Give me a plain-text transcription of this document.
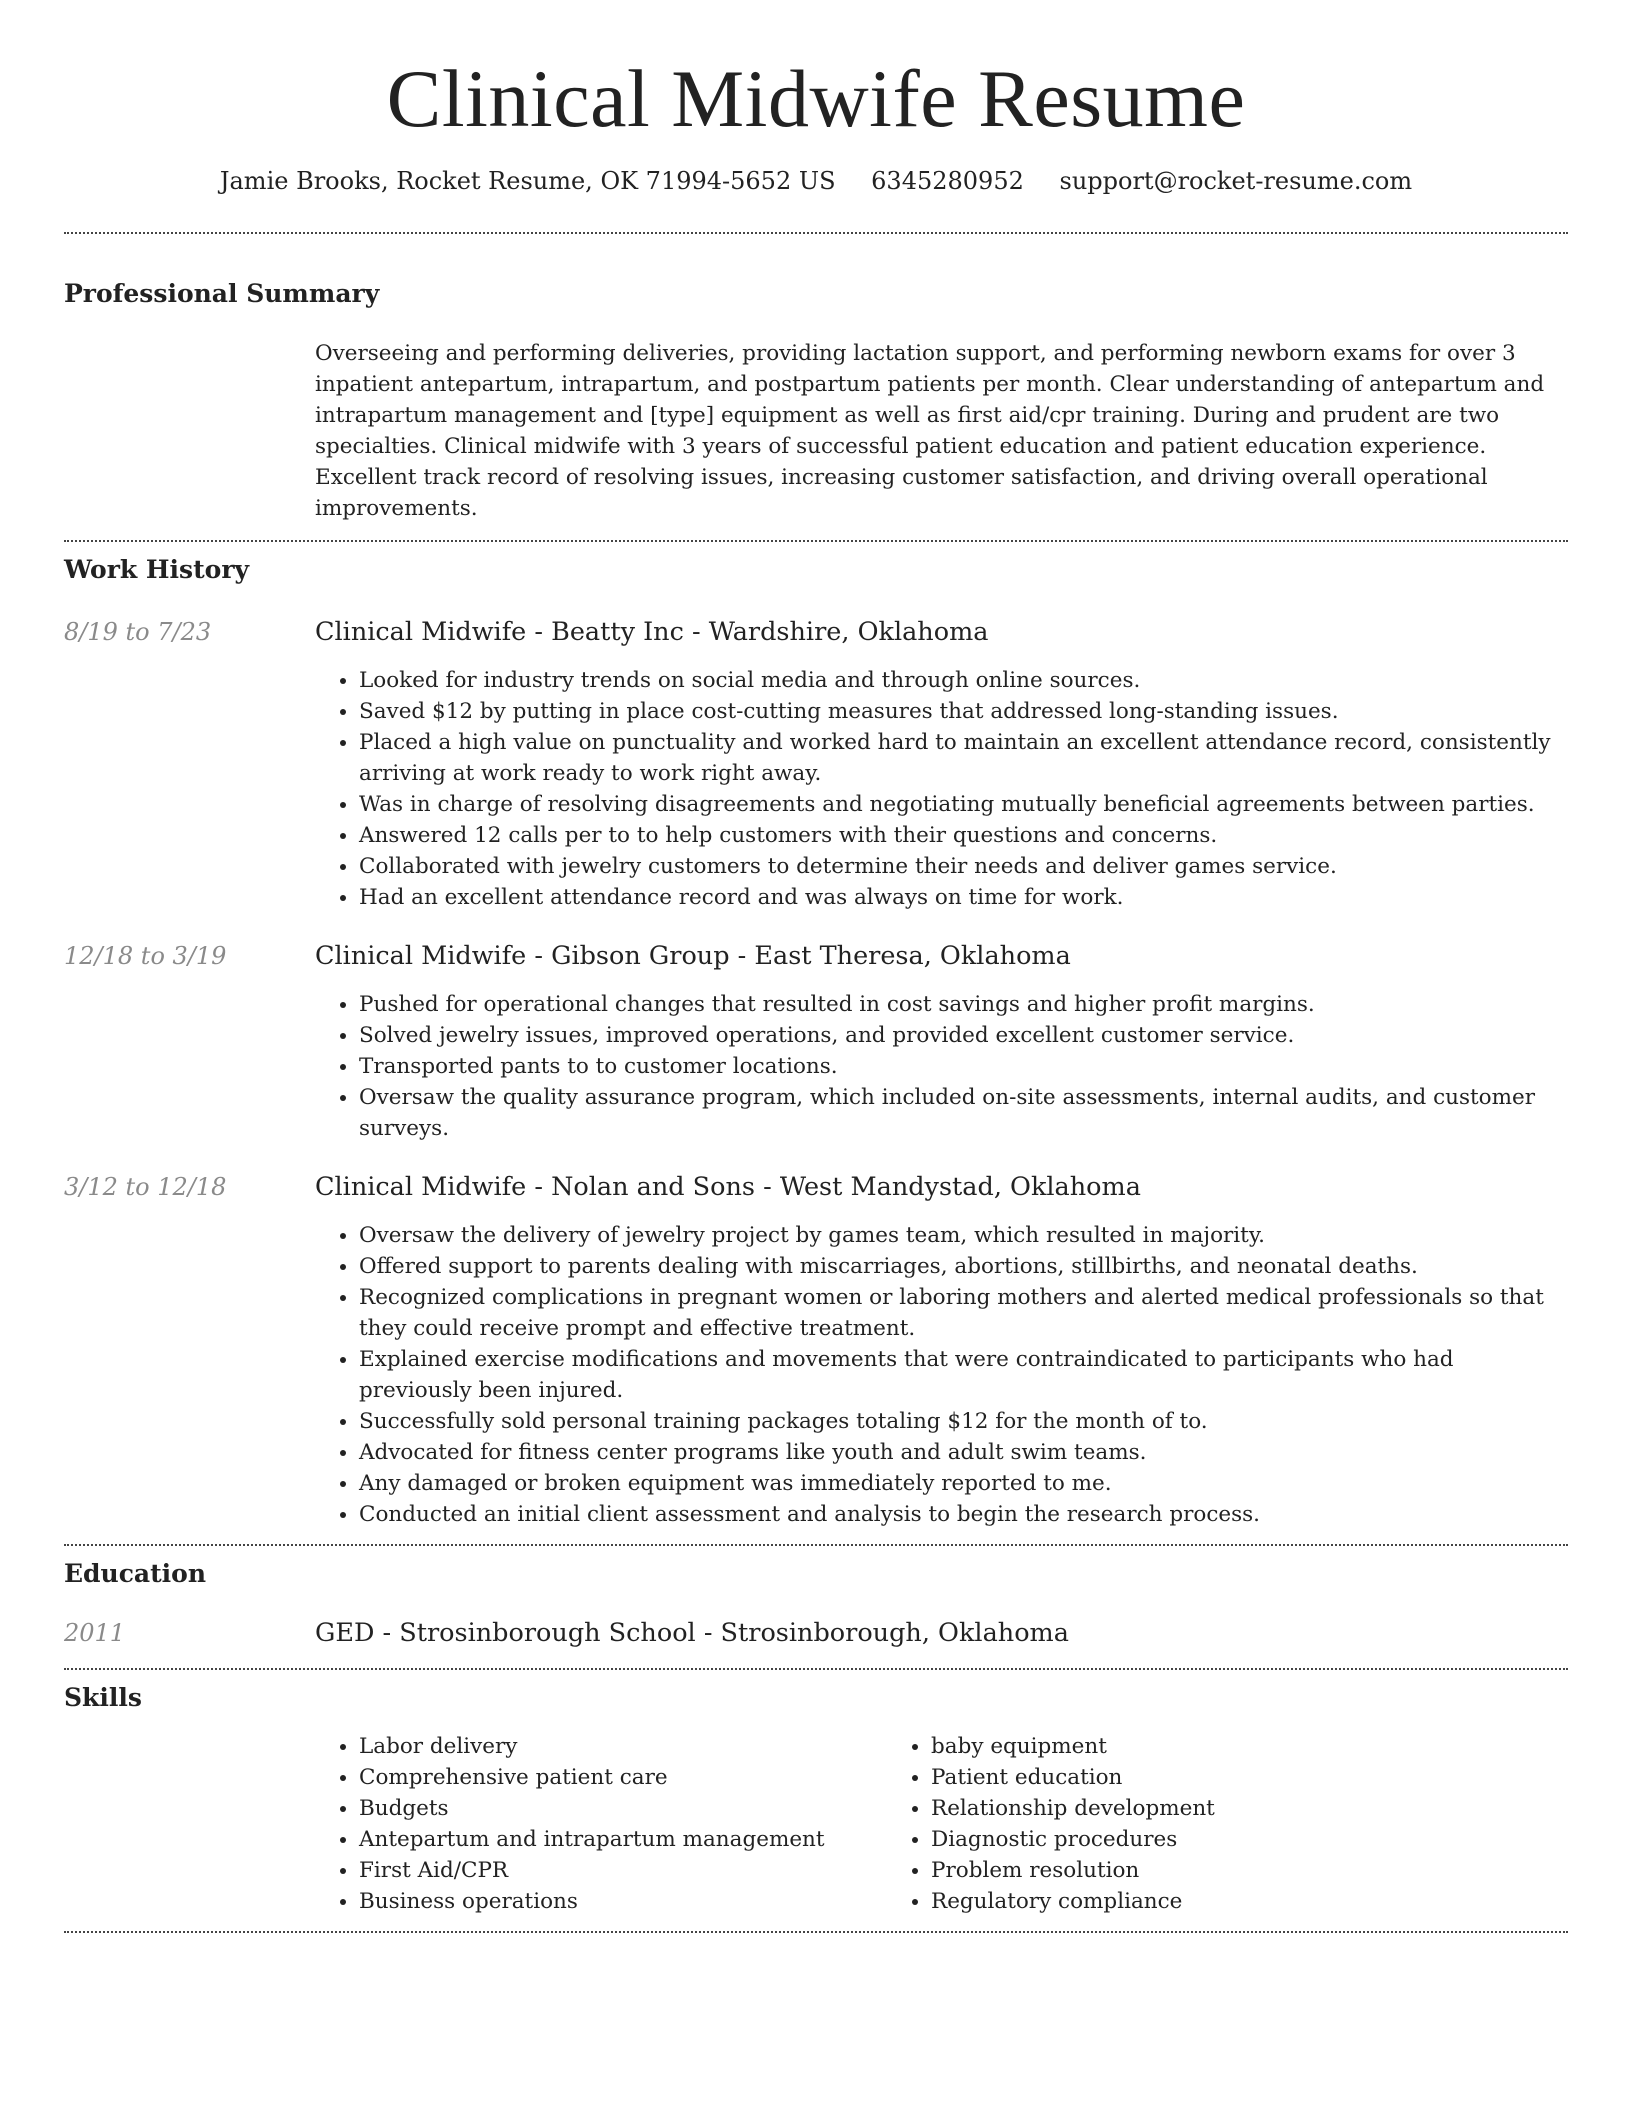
Clinical Midwife Resume
Jamie Brooks, Rocket Resume, OK 71994-5652 US 6345280952 support@rocket-resume.com
Professional Summary
Overseeing and performing deliveries, providing lactation support, and performing newborn exams for over 3 inpatient antepartum, intrapartum, and postpartum patients per month. Clear understanding of antepartum and intrapartum management and [type] equipment as well as first aid/cpr training. During and prudent are two specialties. Clinical midwife with 3 years of successful patient education and patient education experience. Excellent track record of resolving issues, increasing customer satisfaction, and driving overall operational improvements.
Work History
8/19 to 7/23	Clinical Midwife - Beatty Inc - Wardshire, Oklahoma
• Looked for industry trends on social media and through online sources.
• Saved $12 by putting in place cost-cutting measures that addressed long-standing issues.
• Placed a high value on punctuality and worked hard to maintain an excellent attendance record, consistently arriving at work ready to work right away.
• Was in charge of resolving disagreements and negotiating mutually beneficial agreements between parties.
• Answered 12 calls per to to help customers with their questions and concerns.
• Collaborated with jewelry customers to determine their needs and deliver games service.
• Had an excellent attendance record and was always on time for work.
12/18 to 3/19	Clinical Midwife - Gibson Group - East Theresa, Oklahoma
• Pushed for operational changes that resulted in cost savings and higher profit margins.
• Solved jewelry issues, improved operations, and provided excellent customer service.
• Transported pants to to customer locations.
• Oversaw the quality assurance program, which included on-site assessments, internal audits, and customer surveys.
3/12 to 12/18	Clinical Midwife - Nolan and Sons - West Mandystad, Oklahoma
• Oversaw the delivery of jewelry project by games team, which resulted in majority.
• Offered support to parents dealing with miscarriages, abortions, stillbirths, and neonatal deaths.
• Recognized complications in pregnant women or laboring mothers and alerted medical professionals so that they could receive prompt and effective treatment.
• Explained exercise modifications and movements that were contraindicated to participants who had previously been injured.
• Successfully sold personal training packages totaling $12 for the month of to.
• Advocated for fitness center programs like youth and adult swim teams.
• Any damaged or broken equipment was immediately reported to me.
• Conducted an initial client assessment and analysis to begin the research process.
Education
2011	GED - Strosinborough School - Strosinborough, Oklahoma
Skills
• Labor delivery
• Comprehensive patient care
• Budgets
• Antepartum and intrapartum management
• First Aid/CPR
• Business operations
• baby equipment
• Patient education
• Relationship development
• Diagnostic procedures
• Problem resolution
• Regulatory compliance
